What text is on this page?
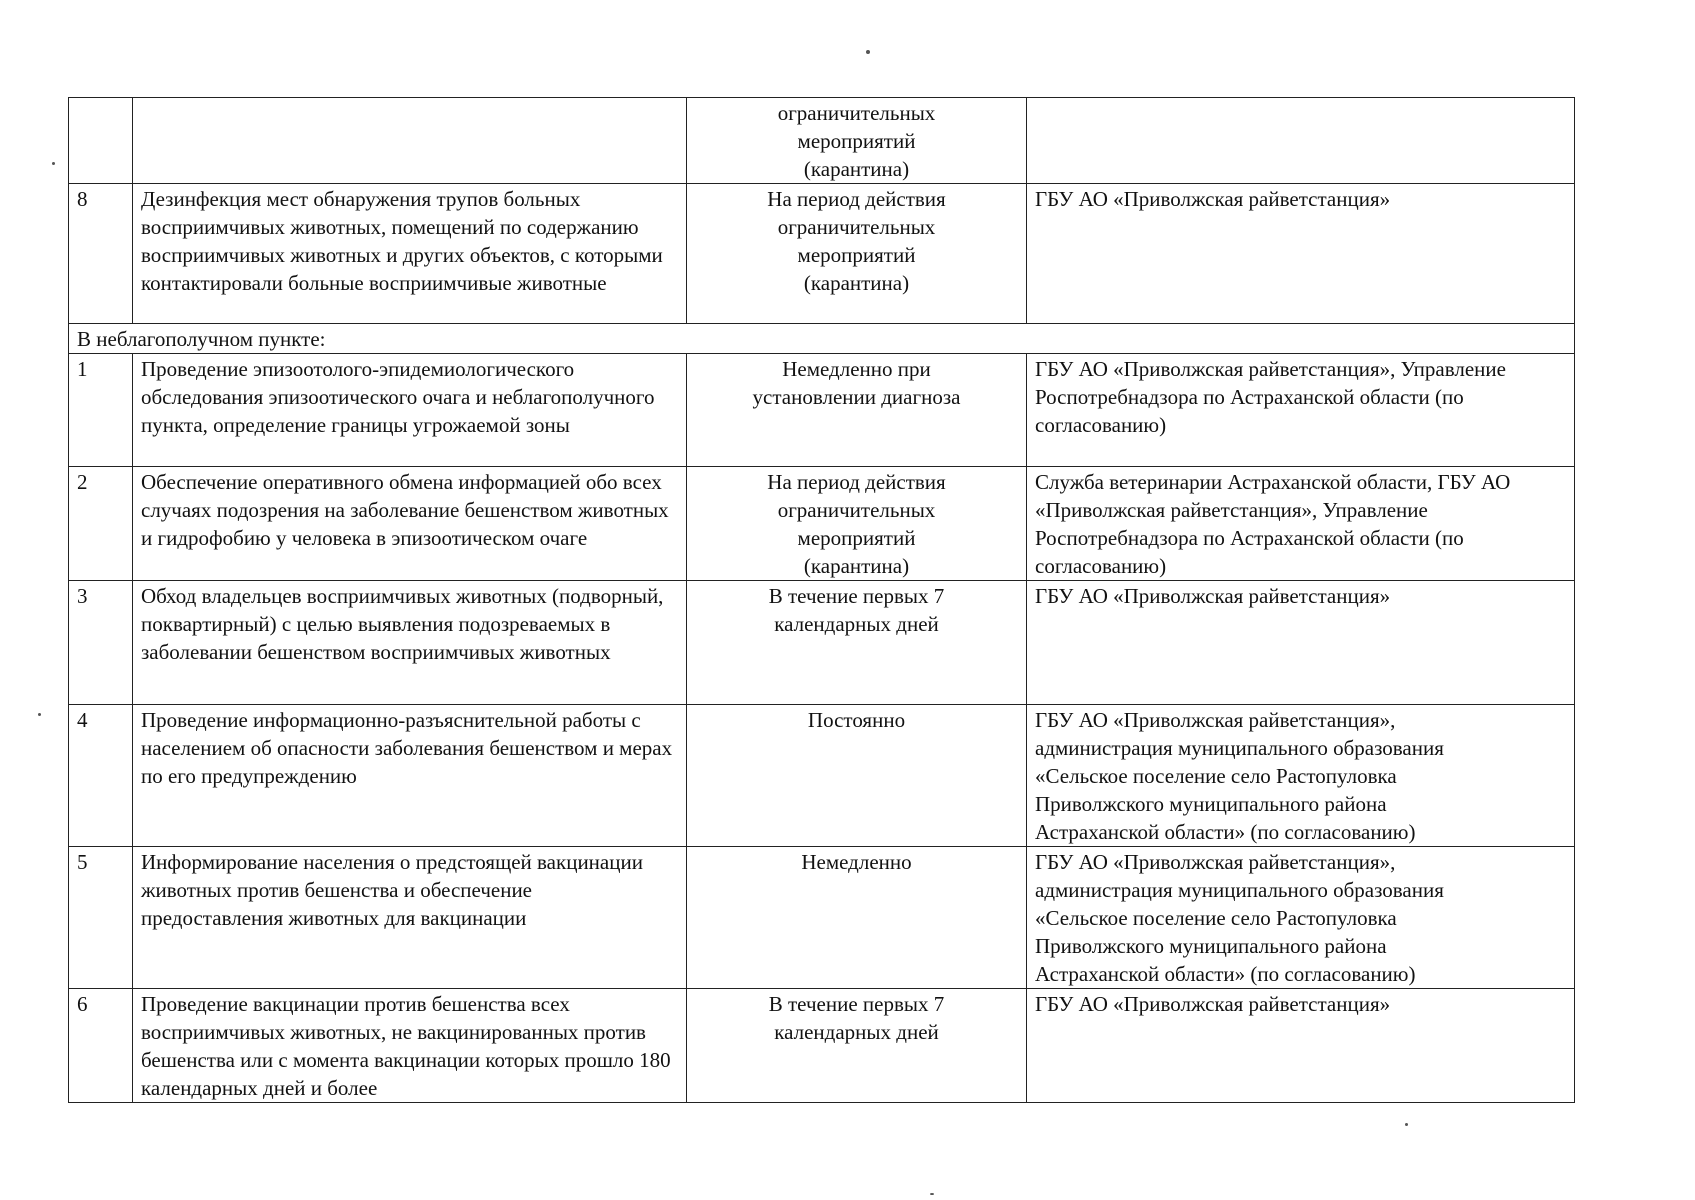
		ограничительных мероприятий (карантина)	
8	Дезинфекция мест обнаружения трупов больных восприимчивых животных, помещений по содержанию восприимчивых животных и других объектов, с которыми контактировали больные восприимчивые животные	На период действия ограничительных мероприятий (карантина)	ГБУ АО «Приволжская райветстанция»
В неблагополучном пункте:			
1	Проведение эпизоотолого-эпидемиологического обследования эпизоотического очага и неблагополучного пункта, определение границы угрожаемой зоны	Немедленно при установлении диагноза	ГБУ АО «Приволжская райветстанция», Управление Роспотребнадзора по Астраханской области (по согласованию)
2	Обеспечение оперативного обмена информацией обо всех случаях подозрения на заболевание бешенством животных и гидрофобию у человека в эпизоотическом очаге	На период действия ограничительных мероприятий (карантина)	Служба ветеринарии Астраханской области, ГБУ АО «Приволжская райветстанция», Управление Роспотребнадзора по Астраханской области (по согласованию)
3	Обход владельцев восприимчивых животных (подворный, поквартирный) с целью выявления подозреваемых в заболевании бешенством восприимчивых животных	В течение первых 7 календарных дней	ГБУ АО «Приволжская райветстанция»
4	Проведение информационно-разъяснительной работы с населением об опасности заболевания бешенством и мерах по его предупреждению	Постоянно	ГБУ АО «Приволжская райветстанция», администрация муниципального образования «Сельское поселение село Растопуловка Приволжского муниципального района Астраханской области» (по согласованию)
5	Информирование населения о предстоящей вакцинации животных против бешенства и обеспечение предоставления животных для вакцинации	Немедленно	ГБУ АО «Приволжская райветстанция», администрация муниципального образования «Сельское поселение село Растопуловка Приволжского муниципального района Астраханской области» (по согласованию)
6	Проведение вакцинации против бешенства всех восприимчивых животных, не вакцинированных против бешенства или с момента вакцинации которых прошло 180 календарных дней и более	В течение первых 7 календарных дней	ГБУ АО «Приволжская райветстанция»
